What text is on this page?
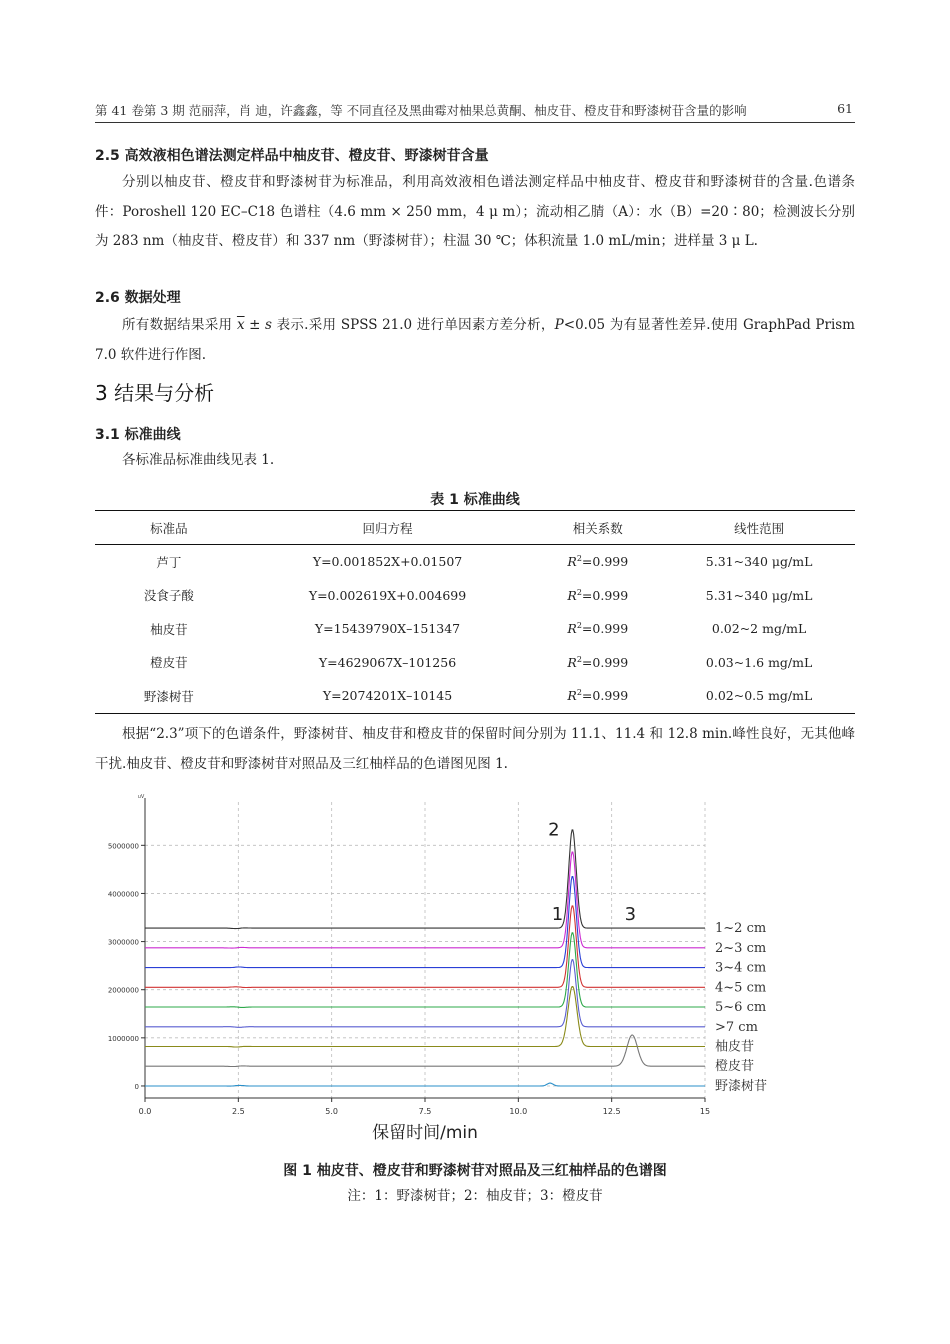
第 41 卷第 3 期 范丽萍，肖 迪，许鑫鑫，等 不同直径及黑曲霉对柚果总黄酮、柚皮苷、橙皮苷和野漆树苷含量的影响	61
2.5 高效液相色谱法测定样品中柚皮苷、橙皮苷、野漆树苷含量

分别以柚皮苷、橙皮苷和野漆树苷为标准品，利用高效液相色谱法测定样品中柚皮苷、橙皮苷和野漆树苷的含量.色谱条件：Poroshell 120 EC–C18 色谱柱（4.6 mm × 250 mm，4 μ m）；流动相乙腈（A）：水（B）=20∶80；检测波长分别为 283 nm（柚皮苷、橙皮苷）和 337 nm（野漆树苷）；柱温 30 ℃；体积流量 1.0 mL/min；进样量 3 μ L.

2.6 数据处理

所有数据结果采用 $\overline{x} \pm s$ 表示.采用 SPSS 21.0 进行单因素方差分析，P<0.05 为有显著性差异.使用 GraphPad Prism 7.0 软件进行作图.

3 结果与分析
3.1 标准曲线

各标准品标准曲线见表 1.

表 1 标准曲线
标准品	回归方程	相关系数	线性范围
芦丁	Y=0.001852X+0.01507	$R^2=0.999$	5.31~340 μg/mL
没食子酸	Y=0.002619X+0.004699	$R^2=0.999$	5.31~340 μg/mL
柚皮苷	Y=15439790X–151347	$R^2=0.999$	0.02~2 mg/mL
橙皮苷	Y=4629067X–101256	$R^2=0.999$	0.03~1.6 mg/mL
野漆树苷	Y=2074201X–10145	$R^2=0.999$	0.02~0.5 mg/mL

根据“2.3”项下的色谱条件，野漆树苷、柚皮苷和橙皮苷的保留时间分别为 11.1、11.4 和 12.8 min.峰性良好，无其他峰干扰.柚皮苷、橙皮苷和野漆树苷对照品及三红柚样品的色谱图见图 1.

uV
0.0	2.5	5.0	7.5	10.0	12.5	15
0
1000000
2000000
3000000
4000000
5000000
1~2 cm
2~3 cm
3~4 cm
4~5 cm
5~6 cm
>7 cm
柚皮苷
橙皮苷
野漆树苷
1
2
3
保留时间/min
图 1 柚皮苷、橙皮苷和野漆树苷对照品及三红柚样品的色谱图
注：1：野漆树苷；2：柚皮苷；3：橙皮苷
